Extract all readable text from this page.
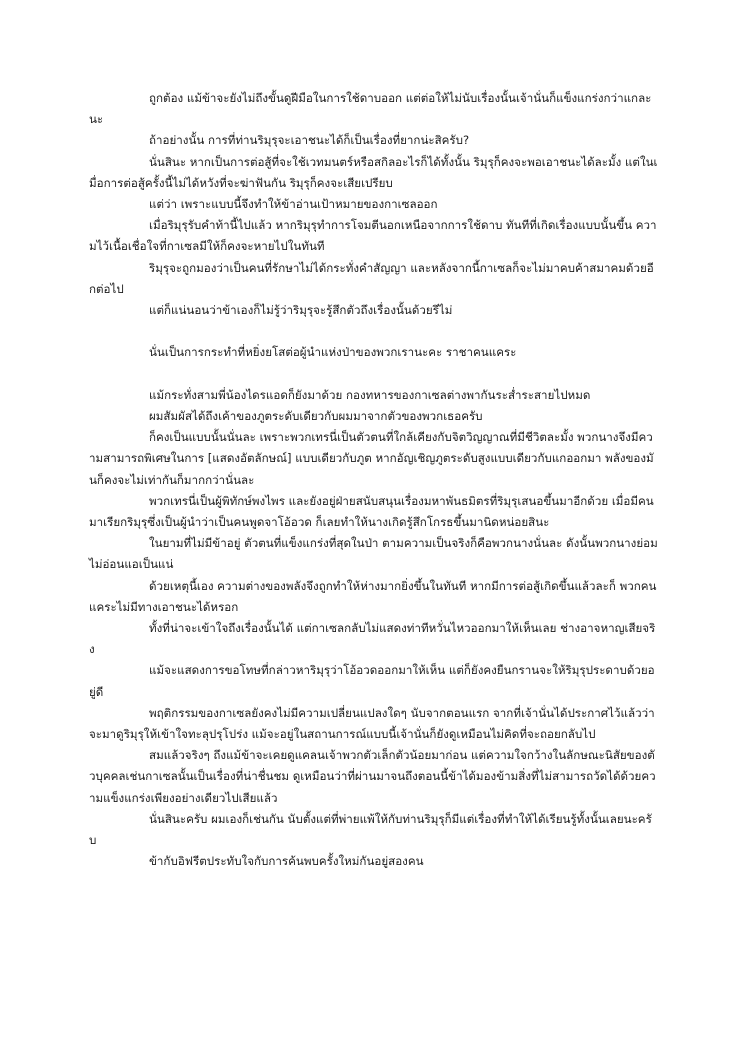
ถูกต้อง แม้ข้าจะยังไม่ถึงขั้นดูฝีมือในการใช้ดาบออก แต่ต่อให้ไม่นับเรื่องนั้นเจ้านั่นก็แข็งแกร่งกว่าแกละนะ

ถ้าอย่างนั้น การที่ท่านริมุรุจะเอาชนะได้ก็เป็นเรื่องที่ยากน่ะสิครับ?

นั่นสินะ หากเป็นการต่อสู้ที่จะใช้เวทมนตร์หรือสกิลอะไรก็ได้ทั้งนั้น ริมุรุก็คงจะพอเอาชนะได้ละมั้ง แต่ในเมื่อการต่อสู้ครั้งนี้ไม่ได้หวังที่จะฆ่าฟันกัน ริมุรุก็คงจะเสียเปรียบ

แต่ว่า เพราะแบบนี้จึงทำให้ข้าอ่านเป้าหมายของกาเซลออก

เมื่อริมุรุรับคำท้านี้ไปแล้ว หากริมุรุทำการโจมตีนอกเหนือจากการใช้ดาบ ทันทีที่เกิดเรื่องแบบนั้นขึ้น ความไว้เนื้อเชื่อใจที่กาเซลมีให้ก็คงจะหายไปในทันที

ริมุรุจะถูกมองว่าเป็นคนที่รักษาไม่ได้กระทั่งคำสัญญา และหลังจากนี้กาเซลก็จะไม่มาคบค้าสมาคมด้วยอีกต่อไป

แต่ก็แน่นอนว่าข้าเองก็ไม่รู้ว่าริมุรุจะรู้สึกตัวถึงเรื่องนั้นด้วยรึไม่

นั่นเป็นการกระทำที่หยิ่งยโสต่อผู้นำแห่งป่าของพวกเรานะคะ ราชาคนแคระ

แม้กระทั่งสามพี่น้องไดรแอดก็ยังมาด้วย กองทหารของกาเซลต่างพากันระส่ำระสายไปหมด

ผมสัมผัสได้ถึงเค้าของภูตระดับเดียวกับผมมาจากตัวของพวกเธอครับ

ก็คงเป็นแบบนั้นนั่นละ เพราะพวกเทรนี่เป็นตัวตนที่ใกล้เคียงกับจิตวิญญาณที่มีชีวิตละมั้ง พวกนางจึงมีความสามารถพิเศษในการ [แสดงอัตลักษณ์] แบบเดียวกับภูต หากอัญเชิญภูตระดับสูงแบบเดียวกับแกออกมา พลังของมันก็คงจะไม่เท่ากันก็มากกว่านั่นละ

พวกเทรนี่เป็นผู้พิทักษ์พงไพร และยังอยู่ฝ่ายสนับสนุนเรื่องมหาพันธมิตรที่ริมุรุเสนอขึ้นมาอีกด้วย เมื่อมีคนมาเรียกริมุรุซึ่งเป็นผู้นำว่าเป็นคนพูดจาโอ้อวด ก็เลยทำให้นางเกิดรู้สึกโกรธขึ้นมานิดหน่อยสินะ

ในยามที่ไม่มีข้าอยู่ ตัวตนที่แข็งแกร่งที่สุดในป่า ตามความเป็นจริงก็คือพวกนางนั่นละ ดังนั้นพวกนางย่อมไม่อ่อนแอเป็นแน่

ด้วยเหตุนี้เอง ความต่างของพลังจึงถูกทำให้ห่างมากยิ่งขึ้นในทันที หากมีการต่อสู้เกิดขึ้นแล้วละก็ พวกคนแคระไม่มีทางเอาชนะได้หรอก

ทั้งที่น่าจะเข้าใจถึงเรื่องนั้นได้ แต่กาเซลกลับไม่แสดงท่าทีหวั่นไหวออกมาให้เห็นเลย ช่างอาจหาญเสียจริง

แม้จะแสดงการขอโทษที่กล่าวหาริมุรุว่าโอ้อวดออกมาให้เห็น แต่ก็ยังคงยืนกรานจะให้ริมุรุประดาบด้วยอยู่ดี

พฤติกรรมของกาเซลยังคงไม่มีความเปลี่ยนแปลงใดๆ นับจากตอนแรก จากที่เจ้านั่นได้ประกาศไว้แล้วว่าจะมาดูริมุรุให้เข้าใจทะลุปรุโปร่ง แม้จะอยู่ในสถานการณ์แบบนี้เจ้านั่นก็ยังดูเหมือนไม่คิดที่จะถอยกลับไป

สมแล้วจริงๆ ถึงแม้ข้าจะเคยดูแคลนเจ้าพวกตัวเล็กตัวน้อยมาก่อน แต่ความใจกว้างในลักษณะนิสัยของตัวบุคคลเช่นกาเซลนั้นเป็นเรื่องที่น่าชื่นชม ดูเหมือนว่าที่ผ่านมาจนถึงตอนนี้ข้าได้มองข้ามสิ่งที่ไม่สามารถวัดได้ด้วยความแข็งแกร่งเพียงอย่างเดียวไปเสียแล้ว

นั่นสินะครับ ผมเองก็เช่นกัน นับตั้งแต่ที่พ่ายแพ้ให้กับท่านริมุรุก็มีแต่เรื่องที่ทำให้ได้เรียนรู้ทั้งนั้นเลยนะครับ

ข้ากับอิฟรีตประทับใจกับการค้นพบครั้งใหม่กันอยู่สองคน
